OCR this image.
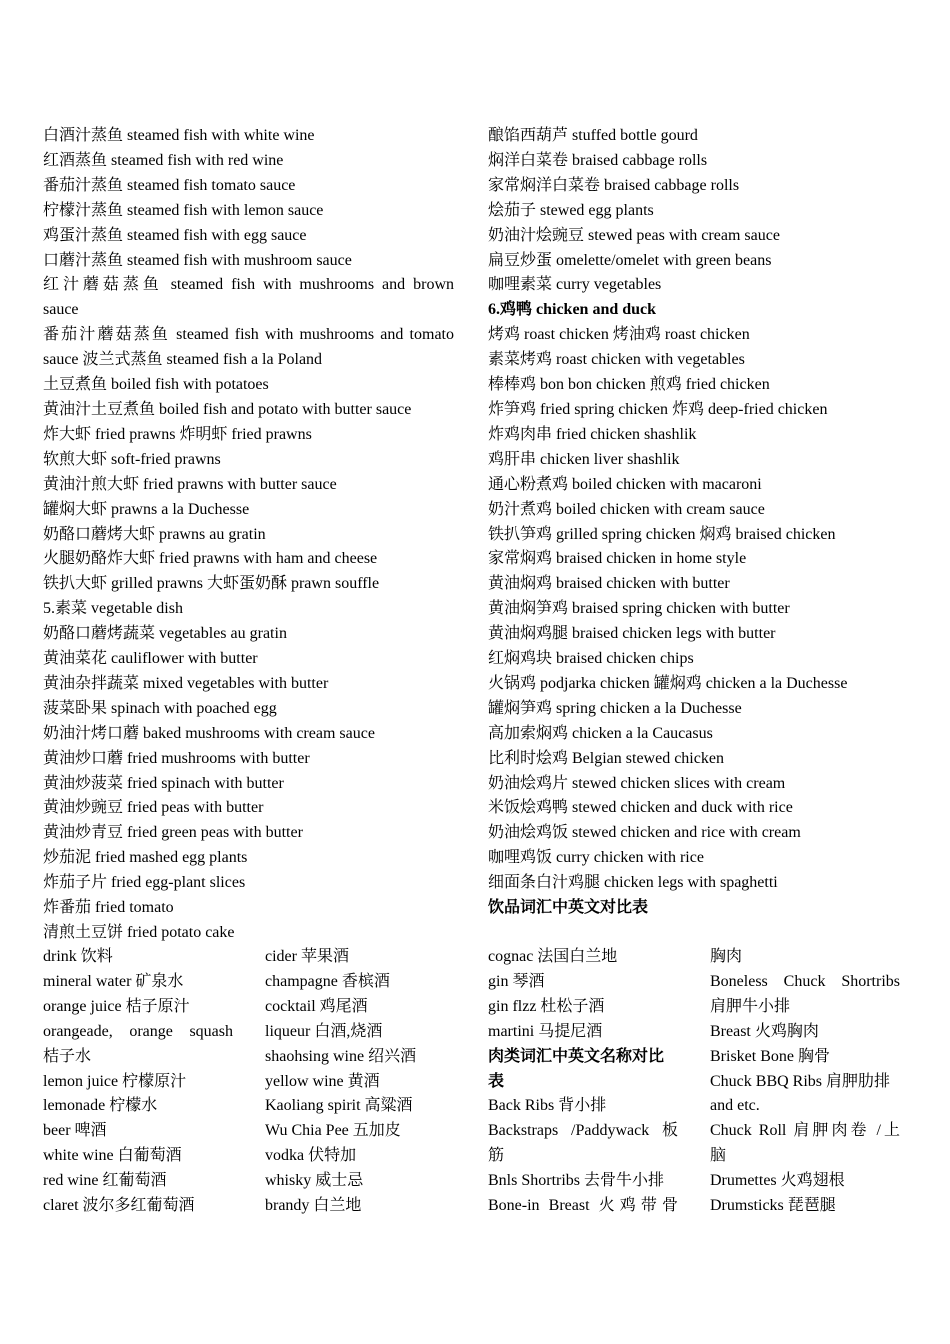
白酒汁蒸鱼 steamed fish with white wine
红酒蒸鱼 steamed fish with red wine
番茄汁蒸鱼 steamed fish tomato sauce
柠檬汁蒸鱼 steamed fish with lemon sauce
鸡蛋汁蒸鱼 steamed fish with egg sauce
口蘑汁蒸鱼 steamed fish with mushroom sauce
红汁蘑菇蒸鱼 steamed fish with mushrooms and brown
sauce
番茄汁蘑菇蒸鱼 steamed fish with mushrooms and tomato
sauce 波兰式蒸鱼 steamed fish a la Poland
土豆煮鱼 boiled fish with potatoes
黄油汁土豆煮鱼 boiled fish and potato with butter sauce
炸大虾 fried prawns 炸明虾 fried prawns
软煎大虾 soft-fried prawns
黄油汁煎大虾 fried prawns with butter sauce
罐焖大虾 prawns a la Duchesse
奶酪口蘑烤大虾 prawns au gratin
火腿奶酪炸大虾 fried prawns with ham and cheese
铁扒大虾 grilled prawns 大虾蛋奶酥 prawn souffle
5.素菜 vegetable dish
奶酪口蘑烤蔬菜 vegetables au gratin
黄油菜花 cauliflower with butter
黄油杂拌蔬菜 mixed vegetables with butter
菠菜卧果 spinach with poached egg
奶油汁烤口蘑 baked mushrooms with cream sauce
黄油炒口蘑 fried mushrooms with butter
黄油炒菠菜 fried spinach with butter
黄油炒豌豆 fried peas with butter
黄油炒青豆 fried green peas with butter
炒茄泥 fried mashed egg plants
炸茄子片 fried egg-plant slices
炸番茄 fried tomato
清煎土豆饼 fried potato cake
酿馅西葫芦 stuffed bottle gourd
焖洋白菜卷 braised cabbage rolls
家常焖洋白菜卷 braised cabbage rolls
烩茄子 stewed egg plants
奶油汁烩豌豆 stewed peas with cream sauce
扁豆炒蛋 omelette/omelet with green beans
咖哩素菜 curry vegetables
6.鸡鸭 chicken and duck
烤鸡 roast chicken 烤油鸡 roast chicken
素菜烤鸡 roast chicken with vegetables
棒棒鸡 bon bon chicken 煎鸡 fried chicken
炸笋鸡 fried spring chicken 炸鸡 deep-fried chicken
炸鸡肉串 fried chicken shashlik
鸡肝串 chicken liver shashlik
通心粉煮鸡 boiled chicken with macaroni
奶汁煮鸡 boiled chicken with cream sauce
铁扒笋鸡 grilled spring chicken 焖鸡 braised chicken
家常焖鸡 braised chicken in home style
黄油焖鸡 braised chicken with butter
黄油焖笋鸡 braised spring chicken with butter
黄油焖鸡腿 braised chicken legs with butter
红焖鸡块 braised chicken chips
火锅鸡 podjarka chicken 罐焖鸡 chicken a la Duchesse
罐焖笋鸡 spring chicken a la Duchesse
高加索焖鸡 chicken a la Caucasus
比利时烩鸡 Belgian stewed chicken
奶油烩鸡片 stewed chicken slices with cream
米饭烩鸡鸭 stewed chicken and duck with rice
奶油烩鸡饭 stewed chicken and rice with cream
咖哩鸡饭 curry chicken with rice
细面条白汁鸡腿 chicken legs with spaghetti
饮品词汇中英文对比表
drink 饮料
mineral water 矿泉水
orange juice 桔子原汁
orangeade, orange squash
桔子水
lemon juice 柠檬原汁
lemonade 柠檬水
beer 啤酒
white wine 白葡萄酒
red wine 红葡萄酒
claret 波尔多红葡萄酒
cider 苹果酒
champagne 香槟酒
cocktail 鸡尾酒
liqueur 白酒,烧酒
shaohsing wine 绍兴酒
yellow wine 黄酒
Kaoliang spirit 高粱酒
Wu Chia Pee 五加皮
vodka 伏特加
whisky 威士忌
brandy 白兰地
cognac 法国白兰地
gin 琴酒
gin flzz 杜松子酒
martini 马提尼酒
肉类词汇中英文名称对比
表
Back Ribs 背小排
Backstraps /Paddywack 板
筋
Bnls Shortribs 去骨牛小排
Bone-in Breast 火鸡带骨
胸肉
Boneless Chuck Shortribs
肩胛牛小排
Breast 火鸡胸肉
Brisket Bone 胸骨
Chuck BBQ Ribs 肩胛肋排
and etc.
Chuck Roll 肩胛肉卷 /上
脑
Drumettes 火鸡翅根
Drumsticks 琵琶腿
